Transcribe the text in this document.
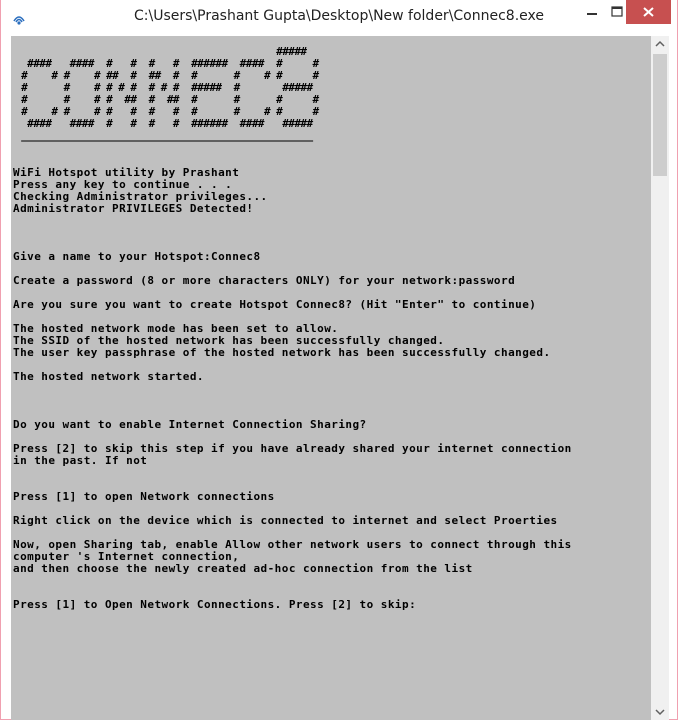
C:\Users\Prashant Gupta\Desktop\New folder\Connec8.exe
#####
####   ####  #   #  #   #  ######  ####  #     #
#    # #    # ##  #  ##  #  #      #    # #     #
#      #    # # # #  # # #  #####  #       #####
#      #    # #  ##  #  ##  #      #      #     #
#    # #    # #   #  #   #  #      #    # #     #
####   ####  #   #  #   #  ######  ####   #####
________________________________________________
WiFi Hotspot utility by Prashant
Press any key to continue . . .
Checking Administrator privileges...
Administrator PRIVILEGES Detected!

Give a name to your Hotspot:Connec8

Create a password (8 or more characters ONLY) for your network:password

Are you sure you want to create Hotspot Connec8? (Hit "Enter" to continue)

The hosted network mode has been set to allow.
The SSID of the hosted network has been successfully changed.
The user key passphrase of the hosted network has been successfully changed.

The hosted network started.

Do you want to enable Internet Connection Sharing?

Press [2] to skip this step if you have already shared your internet connection
in the past. If not

Press [1] to open Network connections

Right click on the device which is connected to internet and select Proerties

Now, open Sharing tab, enable Allow other network users to connect through this
computer 's Internet connection,
and then choose the newly created ad-hoc connection from the list

Press [1] to Open Network Connections. Press [2] to skip:
